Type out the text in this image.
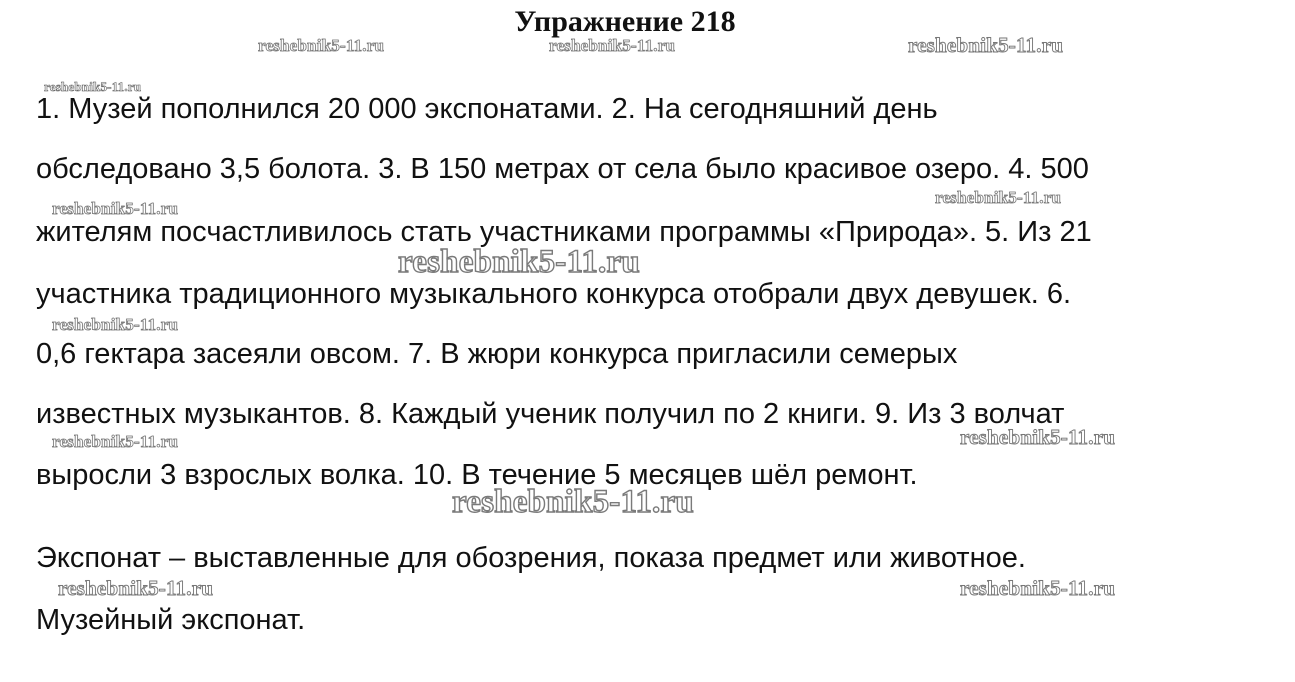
Упражнение 218

1. Музей пополнился 20 000 экспонатами. 2. На сегодняшний день

обследовано 3,5 болота. 3. В 150 метрах от села было красивое озеро. 4. 500

жителям посчастливилось стать участниками программы «Природа». 5. Из 21

участника традиционного музыкального конкурса отобрали двух девушек. 6.

0,6 гектара засеяли овсом. 7. В жюри конкурса пригласили семерых

известных музыкантов. 8. Каждый ученик получил по 2 книги. 9. Из 3 волчат

выросли 3 взрослых волка. 10. В течение 5 месяцев шёл ремонт.

Экспонат – выставленные для обозрения, показа предмет или животное.

Музейный экспонат.

reshebnik5-11.ru	reshebnik5-11.ru	reshebnik5-11.ru
reshebnik5-11.ru
reshebnik5-11.ru
reshebnik5-11.ru
reshebnik5-11.ru
reshebnik5-11.ru
reshebnik5-11.ru	reshebnik5-11.ru
reshebnik5-11.ru
reshebnik5-11.ru	reshebnik5-11.ru
